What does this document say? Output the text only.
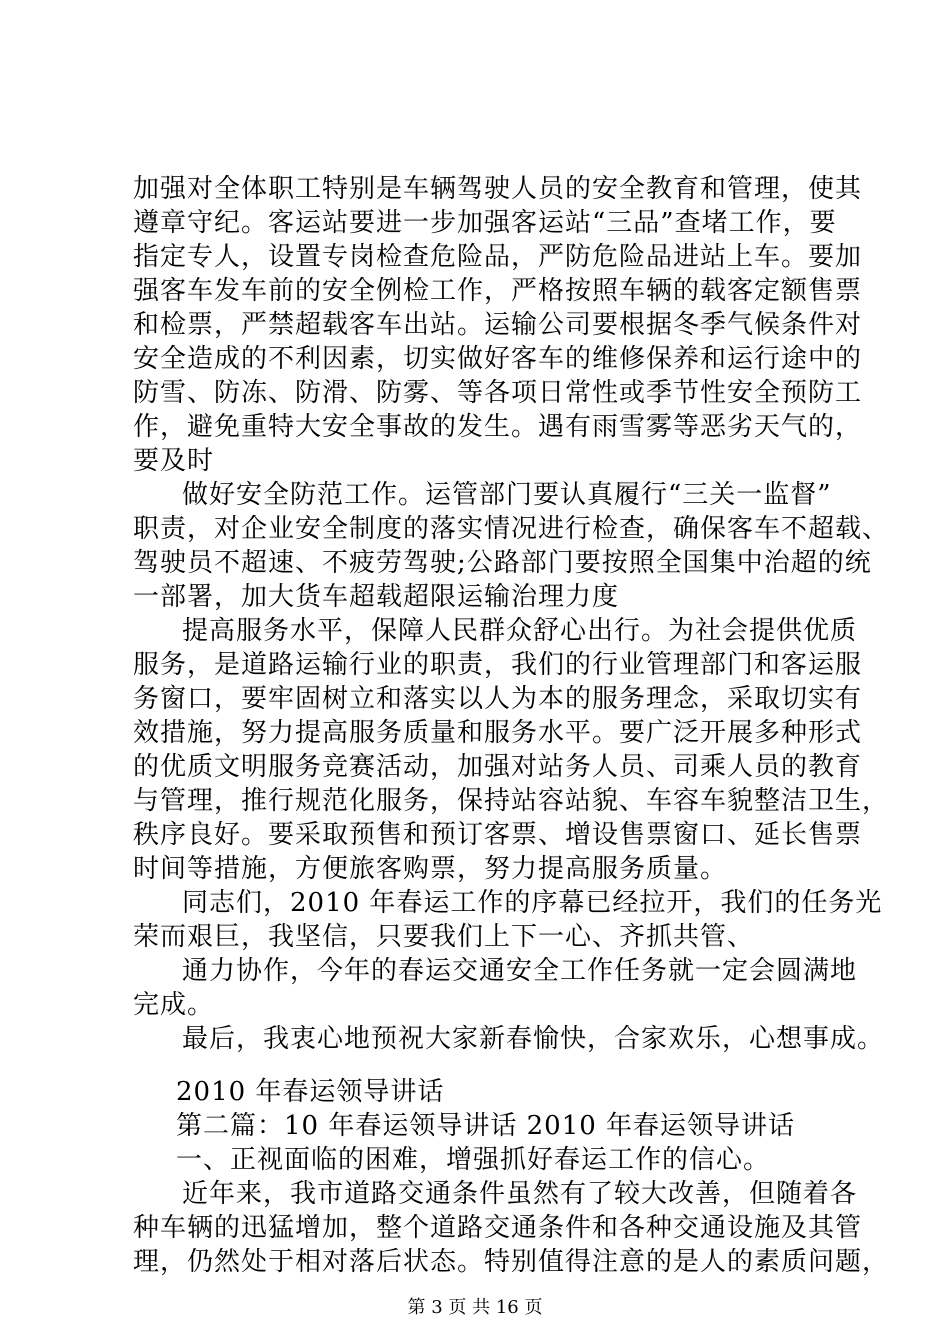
加强对全体职工特别是车辆驾驶人员的安全教育和管理，使其
遵章守纪。客运站要进一步加强客运站“三品”查堵工作，要
指定专人，设置专岗检查危险品，严防危险品进站上车。要加
强客车发车前的安全例检工作，严格按照车辆的载客定额售票
和检票，严禁超载客车出站。运输公司要根据冬季气候条件对
安全造成的不利因素，切实做好客车的维修保养和运行途中的
防雪、防冻、防滑、防雾、等各项日常性或季节性安全预防工
作，避免重特大安全事故的发生。遇有雨雪雾等恶劣天气的，
要及时
做好安全防范工作。运管部门要认真履行“三关一监督”
职责，对企业安全制度的落实情况进行检查，确保客车不超载、
驾驶员不超速、不疲劳驾驶;公路部门要按照全国集中治超的统
一部署，加大货车超载超限运输治理力度
提高服务水平，保障人民群众舒心出行。为社会提供优质
服务，是道路运输行业的职责，我们的行业管理部门和客运服
务窗口，要牢固树立和落实以人为本的服务理念，采取切实有
效措施，努力提高服务质量和服务水平。要广泛开展多种形式
的优质文明服务竞赛活动，加强对站务人员、司乘人员的教育
与管理，推行规范化服务，保持站容站貌、车容车貌整洁卫生，
秩序良好。要采取预售和预订客票、增设售票窗口、延长售票
时间等措施，方便旅客购票，努力提高服务质量。
同志们，2010 年春运工作的序幕已经拉开，我们的任务光
荣而艰巨，我坚信，只要我们上下一心、齐抓共管、
通力协作，今年的春运交通安全工作任务就一定会圆满地
完成。
最后，我衷心地预祝大家新春愉快，合家欢乐，心想事成。
2010 年春运领导讲话
第二篇：10 年春运领导讲话 2010 年春运领导讲话
一、正视面临的困难，增强抓好春运工作的信心。
近年来，我市道路交通条件虽然有了较大改善，但随着各
种车辆的迅猛增加，整个道路交通条件和各种交通设施及其管
理，仍然处于相对落后状态。特别值得注意的是人的素质问题，
第 3 页 共 16 页
